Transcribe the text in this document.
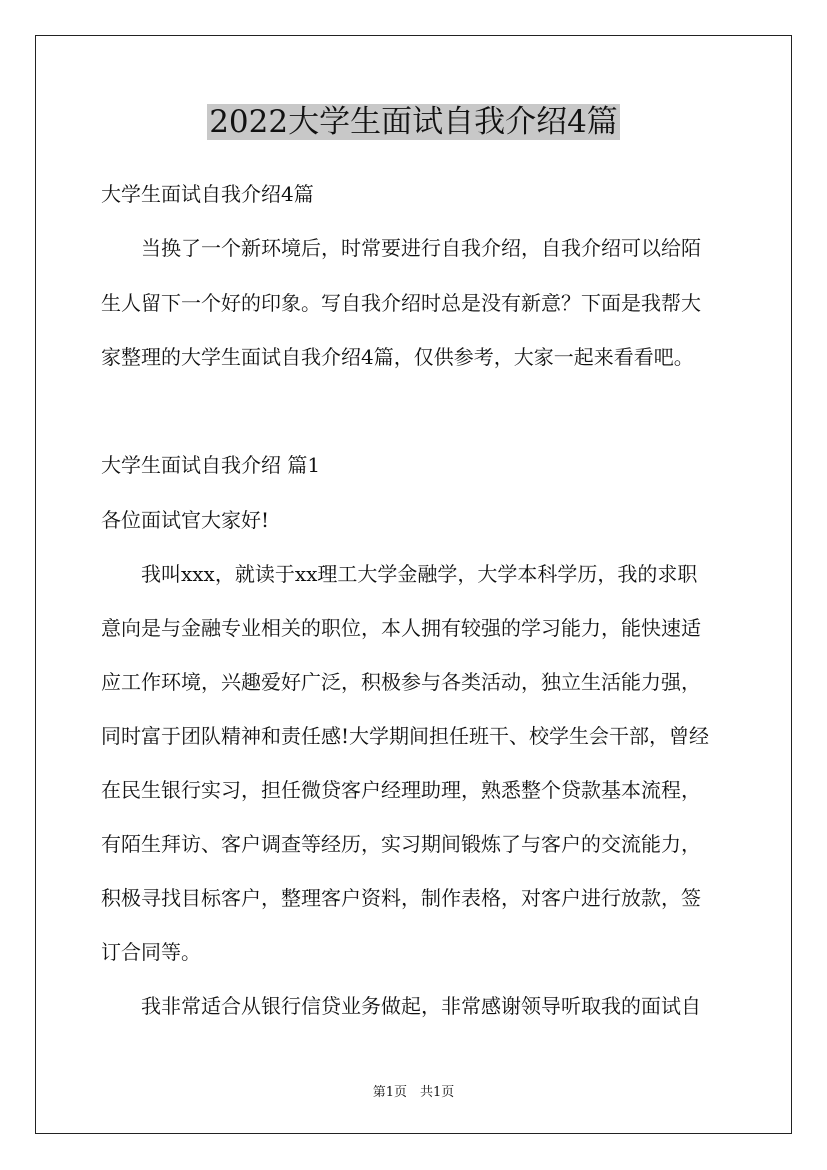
2022大学生面试自我介绍4篇
大学生面试自我介绍4篇
　　当换了一个新环境后，时常要进行自我介绍，自我介绍可以给陌
生人留下一个好的印象。写自我介绍时总是没有新意？下面是我帮大
家整理的大学生面试自我介绍4篇，仅供参考，大家一起来看看吧。
大学生面试自我介绍 篇1
各位面试官大家好!
　　我叫xxx，就读于xx理工大学金融学，大学本科学历，我的求职
意向是与金融专业相关的职位，本人拥有较强的学习能力，能快速适
应工作环境，兴趣爱好广泛，积极参与各类活动，独立生活能力强，
同时富于团队精神和责任感!大学期间担任班干、校学生会干部，曾经
在民生银行实习，担任微贷客户经理助理，熟悉整个贷款基本流程，
有陌生拜访、客户调查等经历，实习期间锻炼了与客户的交流能力，
积极寻找目标客户，整理客户资料，制作表格，对客户进行放款，签
订合同等。
　　我非常适合从银行信贷业务做起，非常感谢领导听取我的面试自
第1页　共1页
